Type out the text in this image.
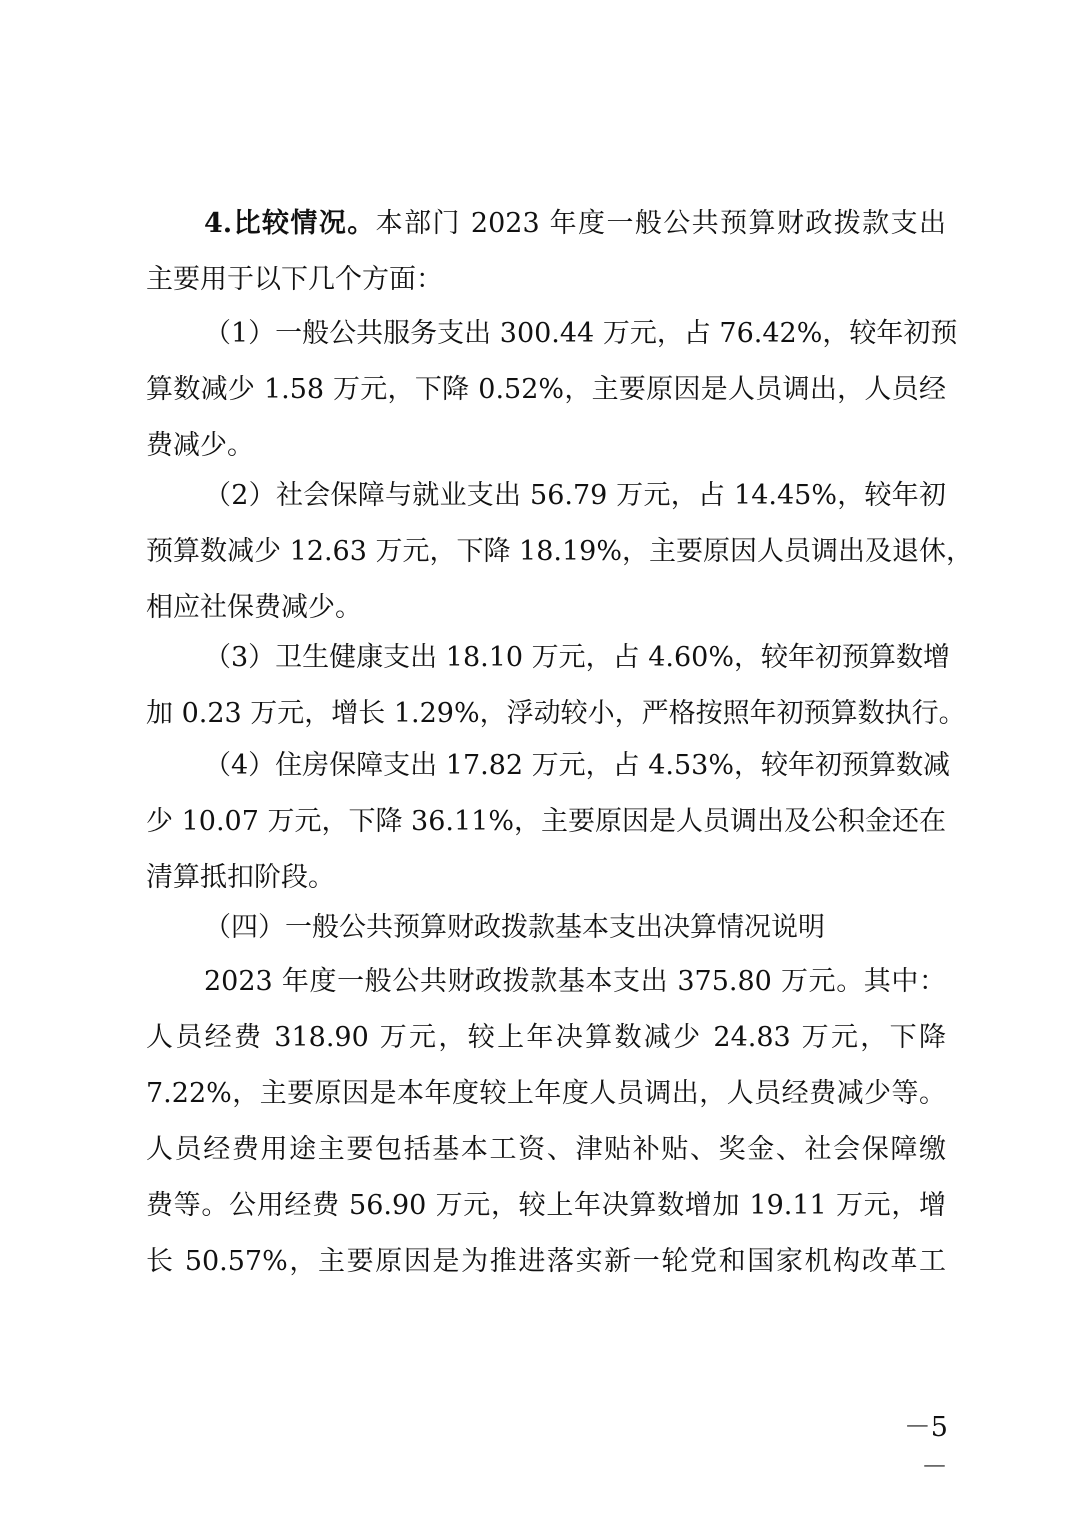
4.比较情况。本部门 2023 年度一般公共预算财政拨款支出
主要用于以下几个方面：
（1）一般公共服务支出 300.44 万元，占 76.42%，较年初预
算数减少 1.58 万元，下降 0.52%，主要原因是人员调出，人员经
费减少。
（2）社会保障与就业支出 56.79 万元，占 14.45%，较年初
预算数减少 12.63 万元，下降 18.19%，主要原因人员调出及退休，
相应社保费减少。
（3）卫生健康支出 18.10 万元，占 4.60%，较年初预算数增
加 0.23 万元，增长 1.29%，浮动较小，严格按照年初预算数执行。
（4）住房保障支出 17.82 万元，占 4.53%，较年初预算数减
少 10.07 万元，下降 36.11%，主要原因是人员调出及公积金还在
清算抵扣阶段。
（四）一般公共预算财政拨款基本支出决算情况说明
2023 年度一般公共财政拨款基本支出 375.80 万元。其中：
人员经费 318.90 万元，较上年决算数减少 24.83 万元，下降
7.22%，主要原因是本年度较上年度人员调出，人员经费减少等。
人员经费用途主要包括基本工资、津贴补贴、奖金、社会保障缴
费等。公用经费 56.90 万元，较上年决算数增加 19.11 万元，增
长 50.57%，主要原因是为推进落实新一轮党和国家机构改革工
－5－
